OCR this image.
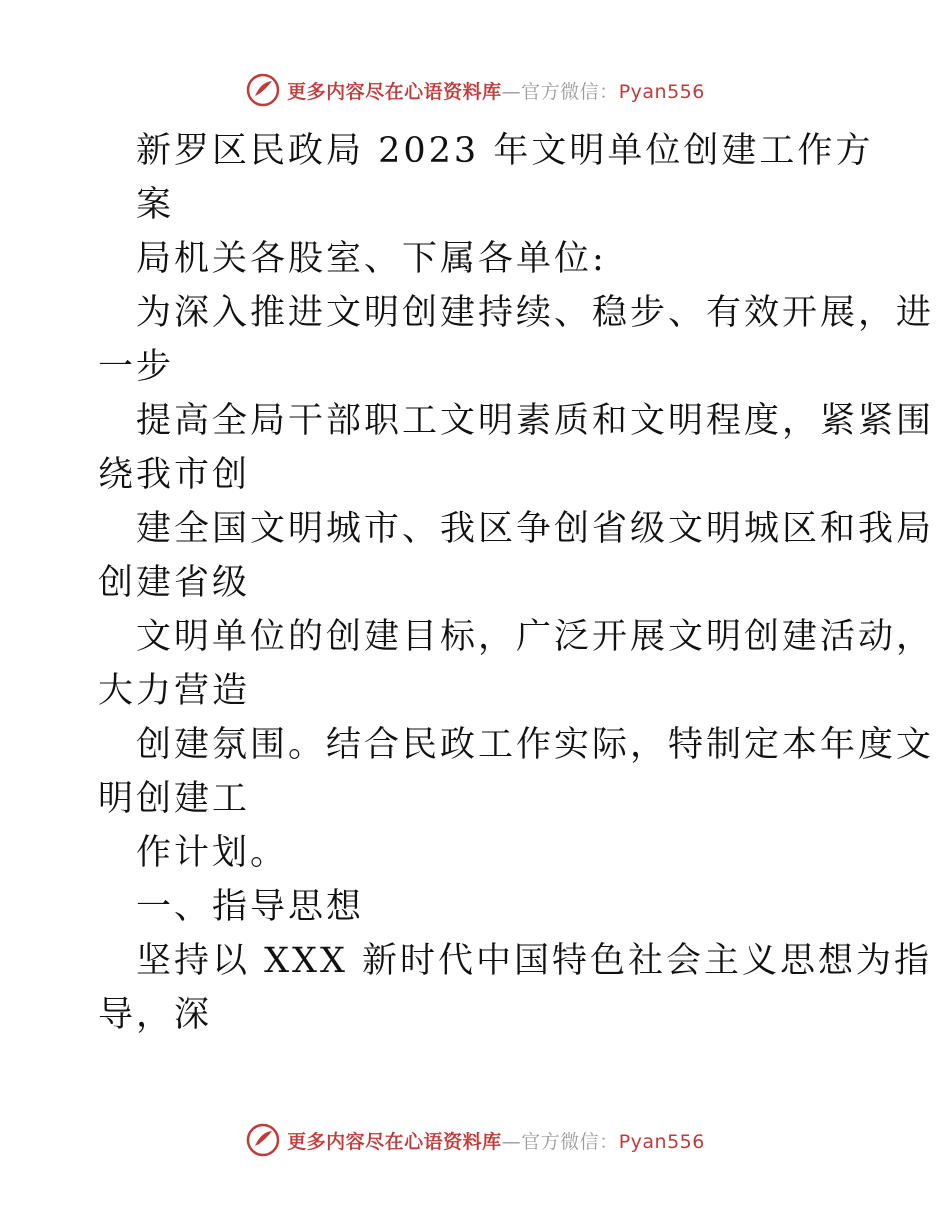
更多内容尽在心语资料库—官方微信：Pyan556
新罗区民政局 2023 年文明单位创建工作方
案
局机关各股室、下属各单位:
为深入推进文明创建持续、稳步、有效开展，进
一步
提高全局干部职工文明素质和文明程度，紧紧围
绕我市创
建全国文明城市、我区争创省级文明城区和我局
创建省级
文明单位的创建目标，广泛开展文明创建活动，
大力营造
创建氛围。结合民政工作实际，特制定本年度文
明创建工
作计划。
一、指导思想
坚持以 XXX 新时代中国特色社会主义思想为指
导，深
更多内容尽在心语资料库—官方微信：Pyan556
